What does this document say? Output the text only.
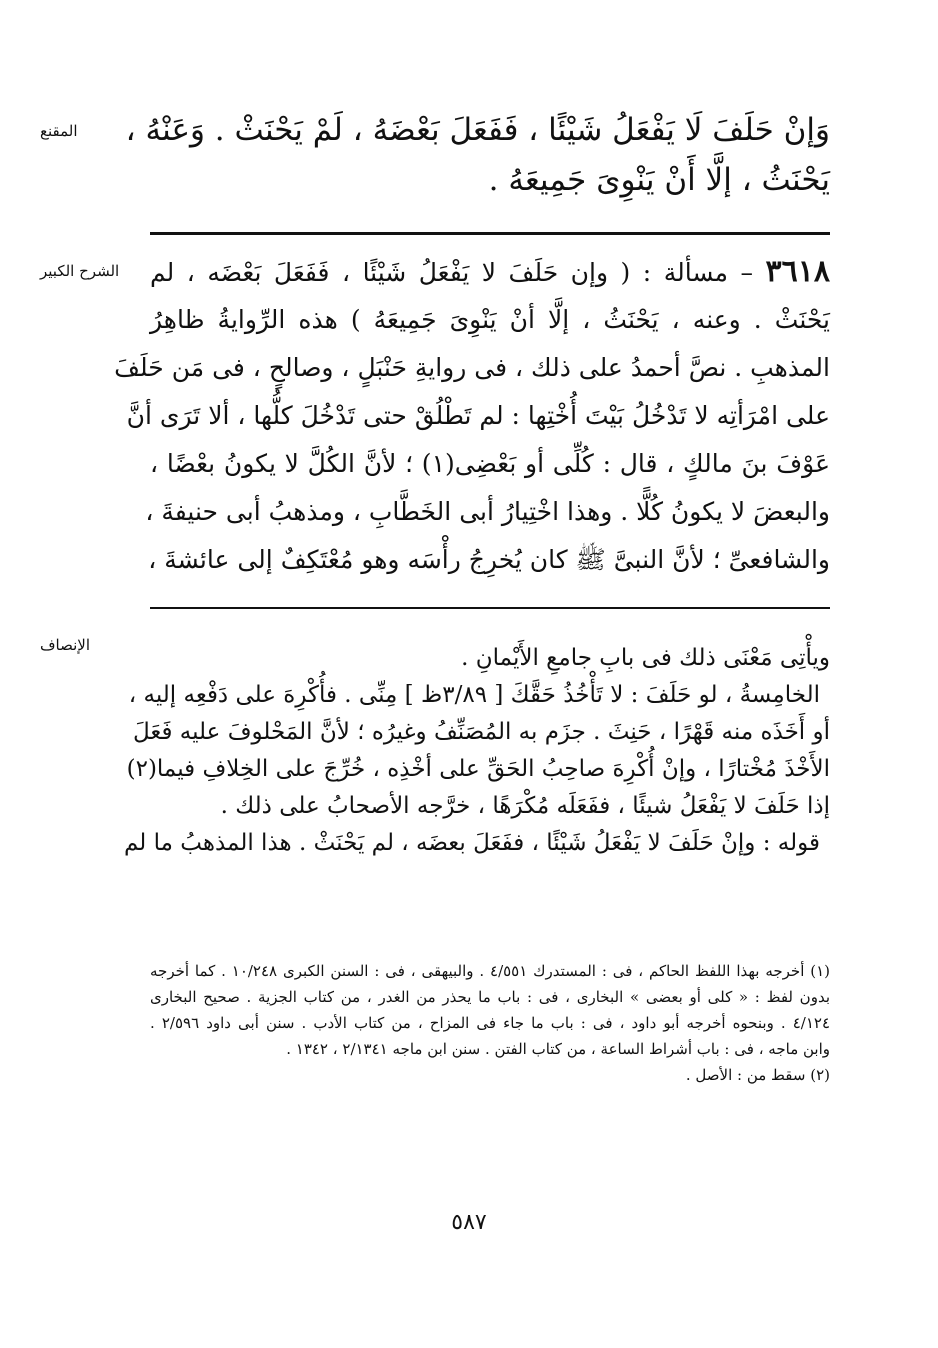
المقنع	وَإنْ حَلَفَ لَا يَفْعَلُ شَيْئًا ، فَفَعَلَ بَعْضَهُ ، لَمْ يَحْنَثْ . وَعَنْهُ ،
يَحْنَثُ ، إلَّا أَنْ يَنْوِىَ جَمِيعَهُ .
الشرح الكبير	٣٦١٨ – مسألة : ( وإن حَلَفَ لا يَفْعَلُ شَيْئًا ، فَفَعَلَ بَعْضَه ، لم
يَحْنَثْ . وعنه ، يَحْنَثُ ، إلَّا أنْ يَنْوِىَ جَمِيعَهُ ) هذه الرِّوايةُ ظاهِرُ
المذهبِ . نصَّ أحمدُ على ذلك ، فى روايةِ حَنْبَلٍ ، وصالحٍ ، فى مَن حَلَفَ
على امْرَأتِه لا تَدْخُلُ بَيْتَ أُخْتِها : لم تَطْلُقْ حتى تَدْخُلَ كلُّها ، ألا تَرَى أنَّ
عَوْفَ بنَ مالكٍ ، قال : كُلِّى أو بَعْضِى(١) ؛ لأنَّ الكُلَّ لا يكونُ بعْضًا ،
والبعضَ لا يكونُ كُلًّا . وهذا اخْتِيارُ أبى الخَطَّابِ ، ومذهبُ أبى حنيفةَ ،
والشافعىِّ ؛ لأنَّ النبىَّ ﷺ كان يُخرِجُ رأْسَه وهو مُعْتَكِفٌ إلى عائشةَ ،
الإنصاف	ويأْتِى مَعْنَى ذلك فى بابِ جامعِ الأَيْمانِ .
الخامِسةُ ، لو حَلَفَ : لا تَأْخُذُ حَقَّكَ [ ٣/٨٩ظ ] مِنِّى . فأُكْرِهَ على دَفْعِه إليه ،
أو أَخَذَه منه قَهْرًا ، حَنِثَ . جزَم به المُصَنِّفُ وغيرُه ؛ لأنَّ المَحْلوفَ عليه فَعَلَ
الأَخْذَ مُخْتارًا ، وإنْ أُكْرِهَ صاحِبُ الحَقِّ على أخْذِه ، خُرِّجَ على الخِلافِ فيما(٢)
إذا حَلَفَ لا يَفْعَلُ شيئًا ، ففَعَلَه مُكْرَهًا ، خرَّجه الأصحابُ على ذلك .
قوله : وإنْ حَلَفَ لا يَفْعَلُ شَيْئًا ، ففَعَلَ بعضَه ، لم يَحْنَثْ . هذا المذهبُ ما لم
(١) أخرجه بهذا اللفظ الحاكم ، فى : المستدرك ٤/٥٥١ . والبيهقى ، فى : السنن الكبرى ١٠/٢٤٨ . كما أخرجه
بدون لفظ : « كلى أو بعضى » البخارى ، فى : باب ما يحذر من الغدر ، من كتاب الجزية . صحيح البخارى
٤/١٢٤ . وبنحوه أخرجه أبو داود ، فى : باب ما جاء فى المزاح ، من كتاب الأدب . سنن أبى داود ٢/٥٩٦ .
وابن ماجه ، فى : باب أشراط الساعة ، من كتاب الفتن . سنن ابن ماجه ٢/١٣٤١ ، ١٣٤٢ .
(٢) سقط من : الأصل .
٥٨٧
